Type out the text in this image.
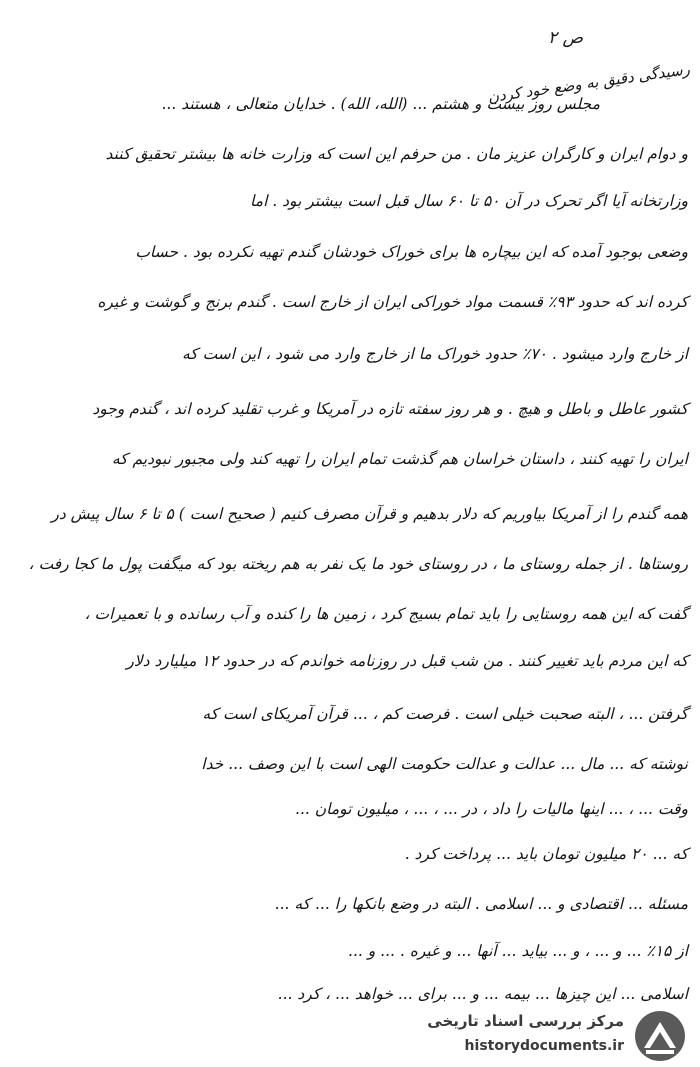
ص ۲
رسیدگی دقیق به وضع خود کردن
مجلس روز بیست و هشتم ... (الله، الله) . خدایان متعالی ، هستند ...
و دوام ایران و کارگران عزیز مان . من حرفم این است که وزارت خانه ها بیشتر تحقیق کنند
وزارتخانه آیا اگر تحرک در آن ۵۰ تا ۶۰ سال قبل است بیشتر بود . اما
وضعی بوجود آمده که این بیچاره ها برای خوراک خودشان گندم تهیه نکرده بود . حساب
کرده اند که حدود ۹۳٪ قسمت مواد خوراکی ایران از خارج است . گندم برنج و گوشت و غیره
از خارج وارد میشود . ۷۰٪ حدود خوراک ما از خارج وارد می شود ، این است که
کشور عاطل و باطل و هیچ . و هر روز سفته تازه در آمریکا و غرب تقلید کرده اند ، گندم وجود
ایران را تهیه کنند ، داستان خراسان هم گذشت تمام ایران را تهیه کند ولی مجبور نبودیم که
همه گندم را از آمریکا بیاوریم که دلار بدهیم و قرآن مصرف کنیم ( صحیح است ) ۵ تا ۶ سال پیش در
روستاها . از جمله روستای ما ، در روستای خود ما یک نفر به هم ریخته بود که میگفت پول ما کجا رفت ،
گفت که این همه روستایی را باید تمام بسیج کرد ، زمین ها را کنده و آب رسانده و با تعمیرات ،
که این مردم باید تغییر کنند . من شب قبل در روزنامه خواندم که در حدود ۱۲ میلیارد دلار
گرفتن ... ، البته صحبت خیلی است . فرصت کم ، ... قرآن آمریکای است که
نوشته که ... مال ... عدالت و عدالت حکومت الهی است با این وصف ... خدا
وقت ... ، ... اینها مالیات را داد ، در ... ، ... ، میلیون تومان ...
که ... ۲۰ میلیون تومان باید ... پرداخت کرد .
مسئله ... اقتصادی و ... اسلامی . البته در وضع بانکها را ... که ...
از ۱۵٪ ... و ... ، و ... بیاید ... آنها ... و غیره . ... و ...
اسلامی ... این چیزها ... بیمه ... و ... برای ... خواهد ... ، کرد ...
مرکز بررسی اسناد تاریخی
historydocuments.ir
